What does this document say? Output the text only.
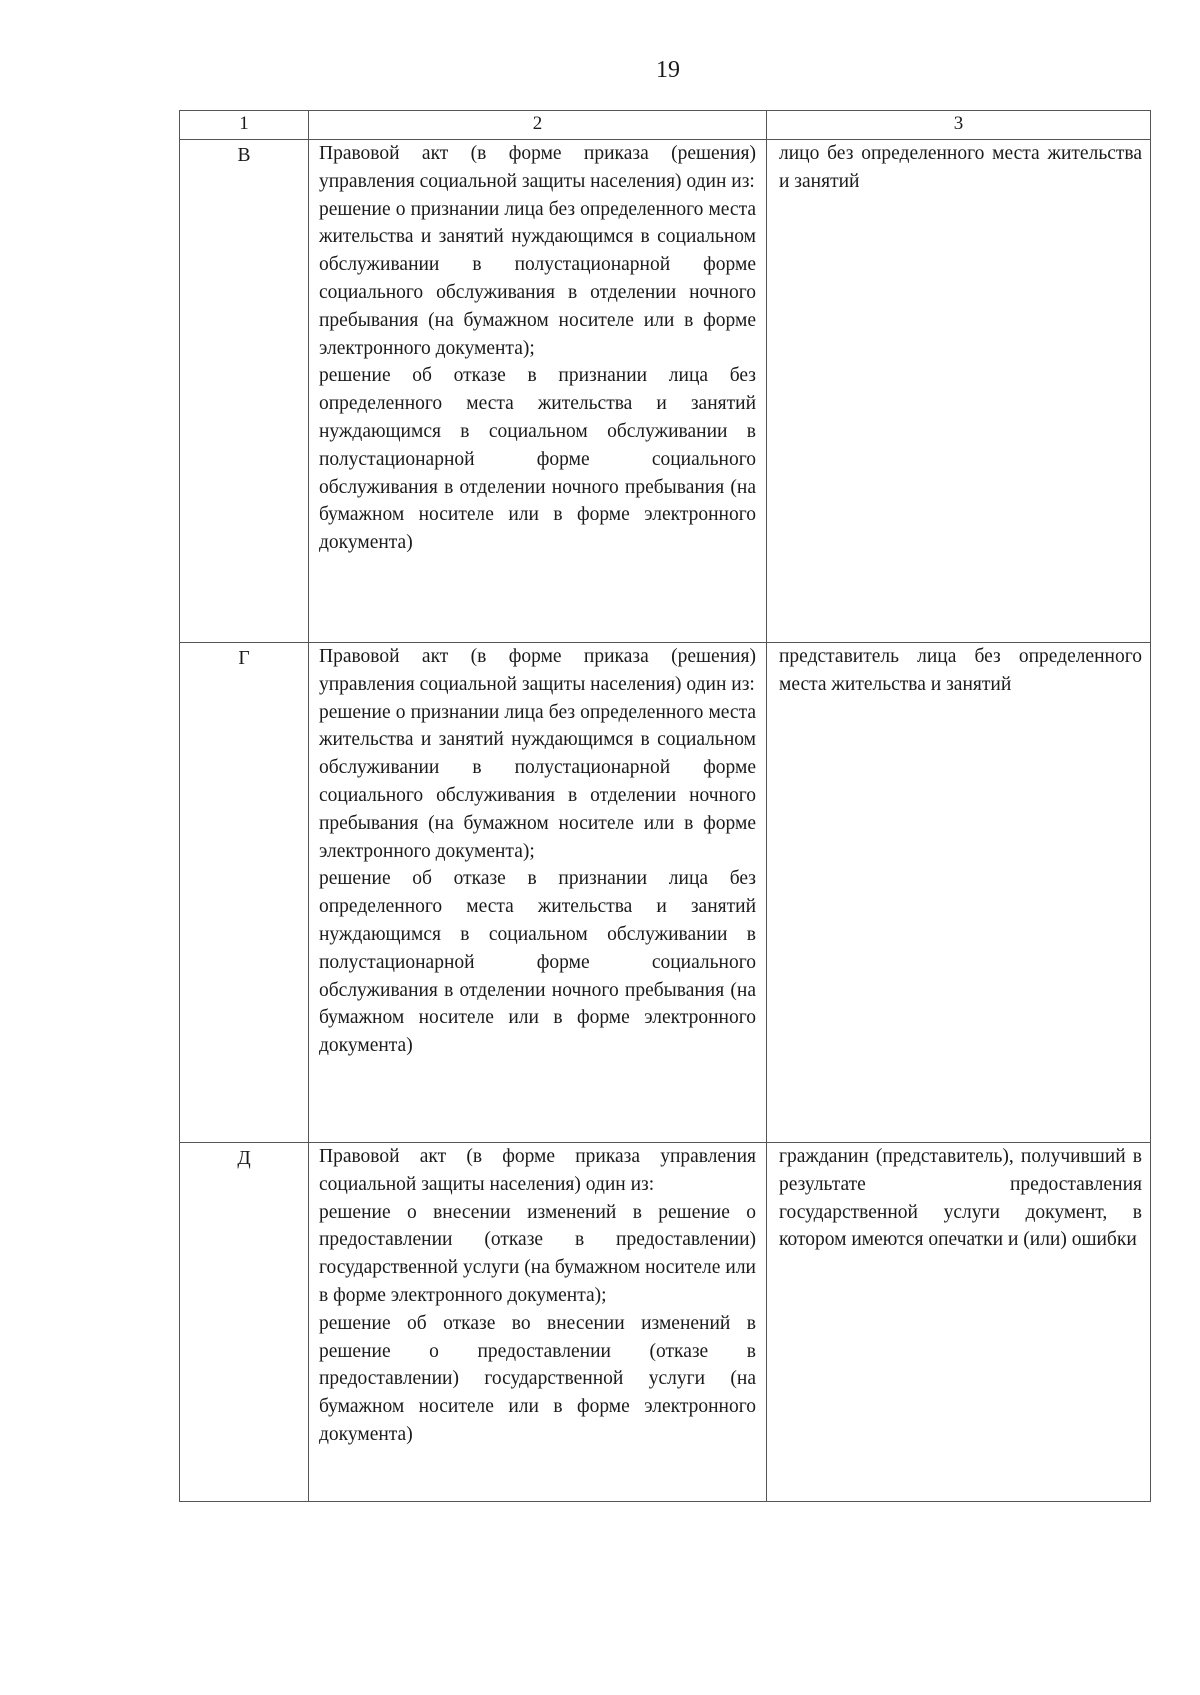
19
1	2	3
В	Правовой акт (в форме приказа (решения) управления социальной защиты населения) один из:

решение о признании лица без определенного места жительства и занятий нуждающимся в социальном обслуживании в полустационарной форме социального обслуживания в отделении ночного пребывания (на бумажном носителе или в форме электронного документа);

решение об отказе в признании лица без определенного места жительства и занятий нуждающимся в социальном обслуживании в полустационарной форме социального обслуживания в отделении ночного пребывания (на бумажном носителе или в форме электронного документа)	лицо без определенного места жительства и занятий

Г	Правовой акт (в форме приказа (решения) управления социальной защиты населения) один из:

решение о признании лица без определенного места жительства и занятий нуждающимся в социальном обслуживании в полустационарной форме социального обслуживания в отделении ночного пребывания (на бумажном носителе или в форме электронного документа);

решение об отказе в признании лица без определенного места жительства и занятий нуждающимся в социальном обслуживании в полустационарной форме социального обслуживания в отделении ночного пребывания (на бумажном носителе или в форме электронного документа)	представитель лица без определенного места жительства и занятий

Д	Правовой акт (в форме приказа управления социальной защиты населения) один из:

решение о внесении изменений в решение о предоставлении (отказе в предоставлении) государственной услуги (на бумажном носителе или в форме электронного документа);

решение об отказе во внесении изменений в решение о предоставлении (отказе в предоставлении) государственной услуги (на бумажном носителе или в форме электронного документа)	гражданин (представитель), получивший в результате предоставления государственной услуги документ, в котором имеются опечатки и (или) ошибки
